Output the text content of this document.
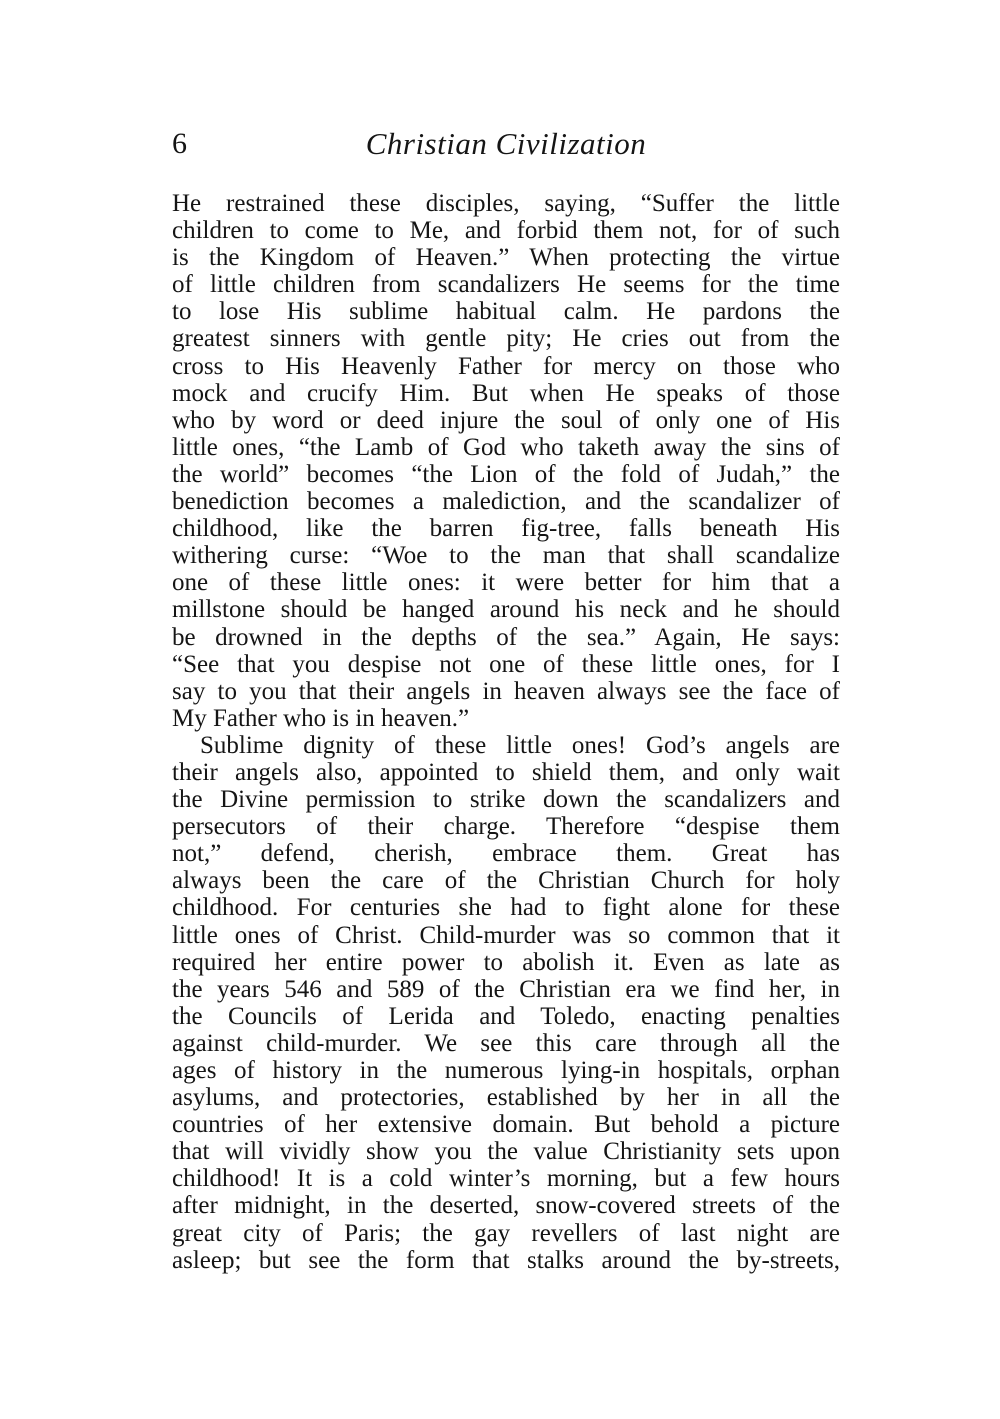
6	Christian Civilization
He restrained these disciples, saying, “Suffer the little
children to come to Me, and forbid them not, for of such
is the Kingdom of Heaven.” When protecting the virtue
of little children from scandalizers He seems for the time
to lose His sublime habitual calm. He pardons the
greatest sinners with gentle pity; He cries out from the
cross to His Heavenly Father for mercy on those who
mock and crucify Him. But when He speaks of those
who by word or deed injure the soul of only one of His
little ones, “the Lamb of God who taketh away the sins of
the world” becomes “the Lion of the fold of Judah,” the
benediction becomes a malediction, and the scandalizer of
childhood, like the barren fig-tree, falls beneath His
withering curse: “Woe to the man that shall scandalize
one of these little ones: it were better for him that a
millstone should be hanged around his neck and he should
be drowned in the depths of the sea.” Again, He says:
“See that you despise not one of these little ones, for I
say to you that their angels in heaven always see the face of
My Father who is in heaven.”
Sublime dignity of these little ones! God’s angels are
their angels also, appointed to shield them, and only wait
the Divine permission to strike down the scandalizers and
persecutors of their charge. Therefore “despise them
not,” defend, cherish, embrace them. Great has
always been the care of the Christian Church for holy
childhood. For centuries she had to fight alone for these
little ones of Christ. Child-murder was so common that it
required her entire power to abolish it. Even as late as
the years 546 and 589 of the Christian era we find her, in
the Councils of Lerida and Toledo, enacting penalties
against child-murder. We see this care through all the
ages of history in the numerous lying-in hospitals, orphan
asylums, and protectories, established by her in all the
countries of her extensive domain. But behold a picture
that will vividly show you the value Christianity sets upon
childhood! It is a cold winter’s morning, but a few hours
after midnight, in the deserted, snow-covered streets of the
great city of Paris; the gay revellers of last night are
asleep; but see the form that stalks around the by-streets,
